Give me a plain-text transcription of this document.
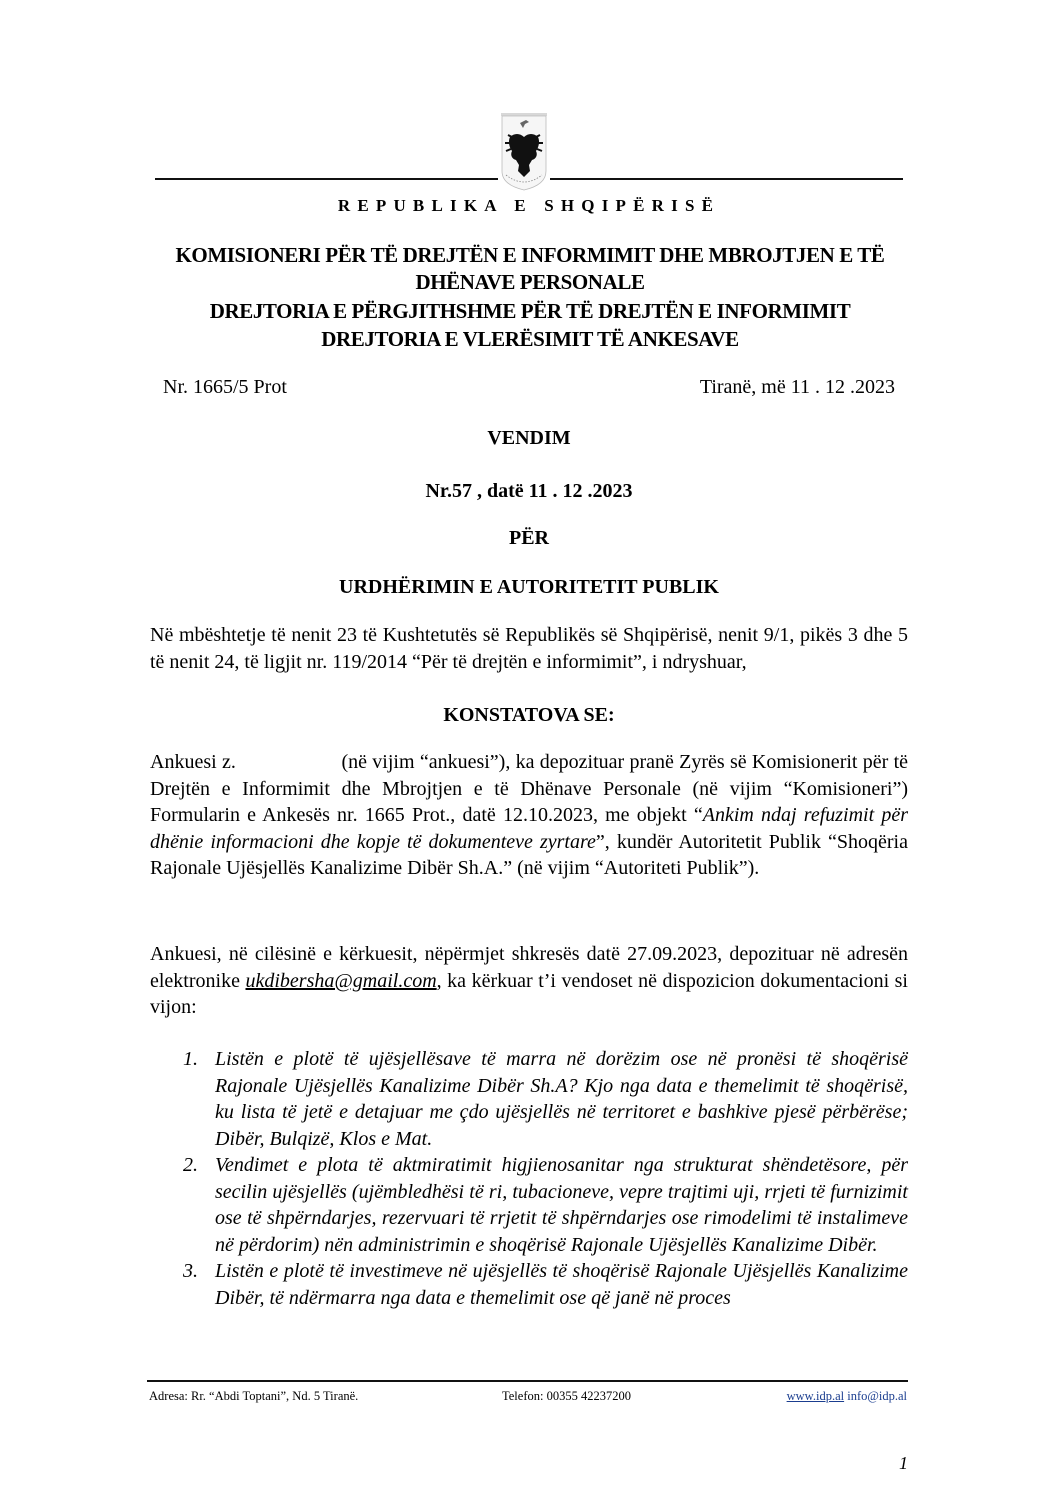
REPUBLIKA E SHQIPËRISË
KOMISIONERI PËR TË DREJTËN E INFORMIMIT DHE MBROJTJEN E TË
DHËNAVE PERSONALE
DREJTORIA E PËRGJITHSHME PËR TË DREJTËN E INFORMIMIT
DREJTORIA E VLERËSIMIT TË ANKESAVE
Nr. 1665/5 Prot	Tiranë, më 11 . 12 .2023
VENDIM
Nr.57 , datë 11 . 12 .2023
PËR
URDHËRIMIN E AUTORITETIT PUBLIK
Në mbështetje të nenit 23 të Kushtetutës së Republikës së Shqipërisë, nenit 9/1, pikës 3 dhe 5 të nenit 24, të ligjit nr. 119/2014 “Për të drejtën e informimit”, i ndryshuar,
KONSTATOVA SE:
Ankuesi z.                    (në vijim “ankuesi”), ka depozituar pranë Zyrës së Komisionerit për të Drejtën e Informimit dhe Mbrojtjen e të Dhënave Personale (në vijim “Komisioneri”) Formularin e Ankesës nr. 1665 Prot., datë 12.10.2023, me objekt “Ankim ndaj refuzimit për dhënie informacioni dhe kopje të dokumenteve zyrtare”, kundër Autoritetit Publik “Shoqëria Rajonale Ujësjellës Kanalizime Dibër Sh.A.” (në vijim “Autoriteti Publik”).
Ankuesi, në cilësinë e kërkuesit, nëpërmjet shkresës datë 27.09.2023, depozituar në adresën elektronike ukdibersha@gmail.com, ka kërkuar t’i vendoset në dispozicion dokumentacioni si vijon:
1. Listën e plotë të ujësjellësave të marra në dorëzim ose në pronësi të shoqërisë Rajonale Ujësjellës Kanalizime Dibër Sh.A? Kjo nga data e themelimit të shoqërisë, ku lista të jetë e detajuar me çdo ujësjellës në territoret e bashkive pjesë përbërëse; Dibër, Bulqizë, Klos e Mat.
2. Vendimet e plota të aktmiratimit higjienosanitar nga strukturat shëndetësore, për secilin ujësjellës (ujëmbledhësi të ri, tubacioneve, vepre trajtimi uji, rrjeti të furnizimit ose të shpërndarjes, rezervuari të rrjetit të shpërndarjes ose rimodelimi të instalimeve në përdorim) nën administrimin e shoqërisë Rajonale Ujësjellës Kanalizime Dibër.
3. Listën e plotë të investimeve në ujësjellës të shoqërisë Rajonale Ujësjellës Kanalizime Dibër, të ndërmarra nga data e themelimit ose që janë në proces
Adresa: Rr. “Abdi Toptani”, Nd. 5 Tiranë.	Telefon: 00355 42237200	www.idp.al info@idp.al
1
